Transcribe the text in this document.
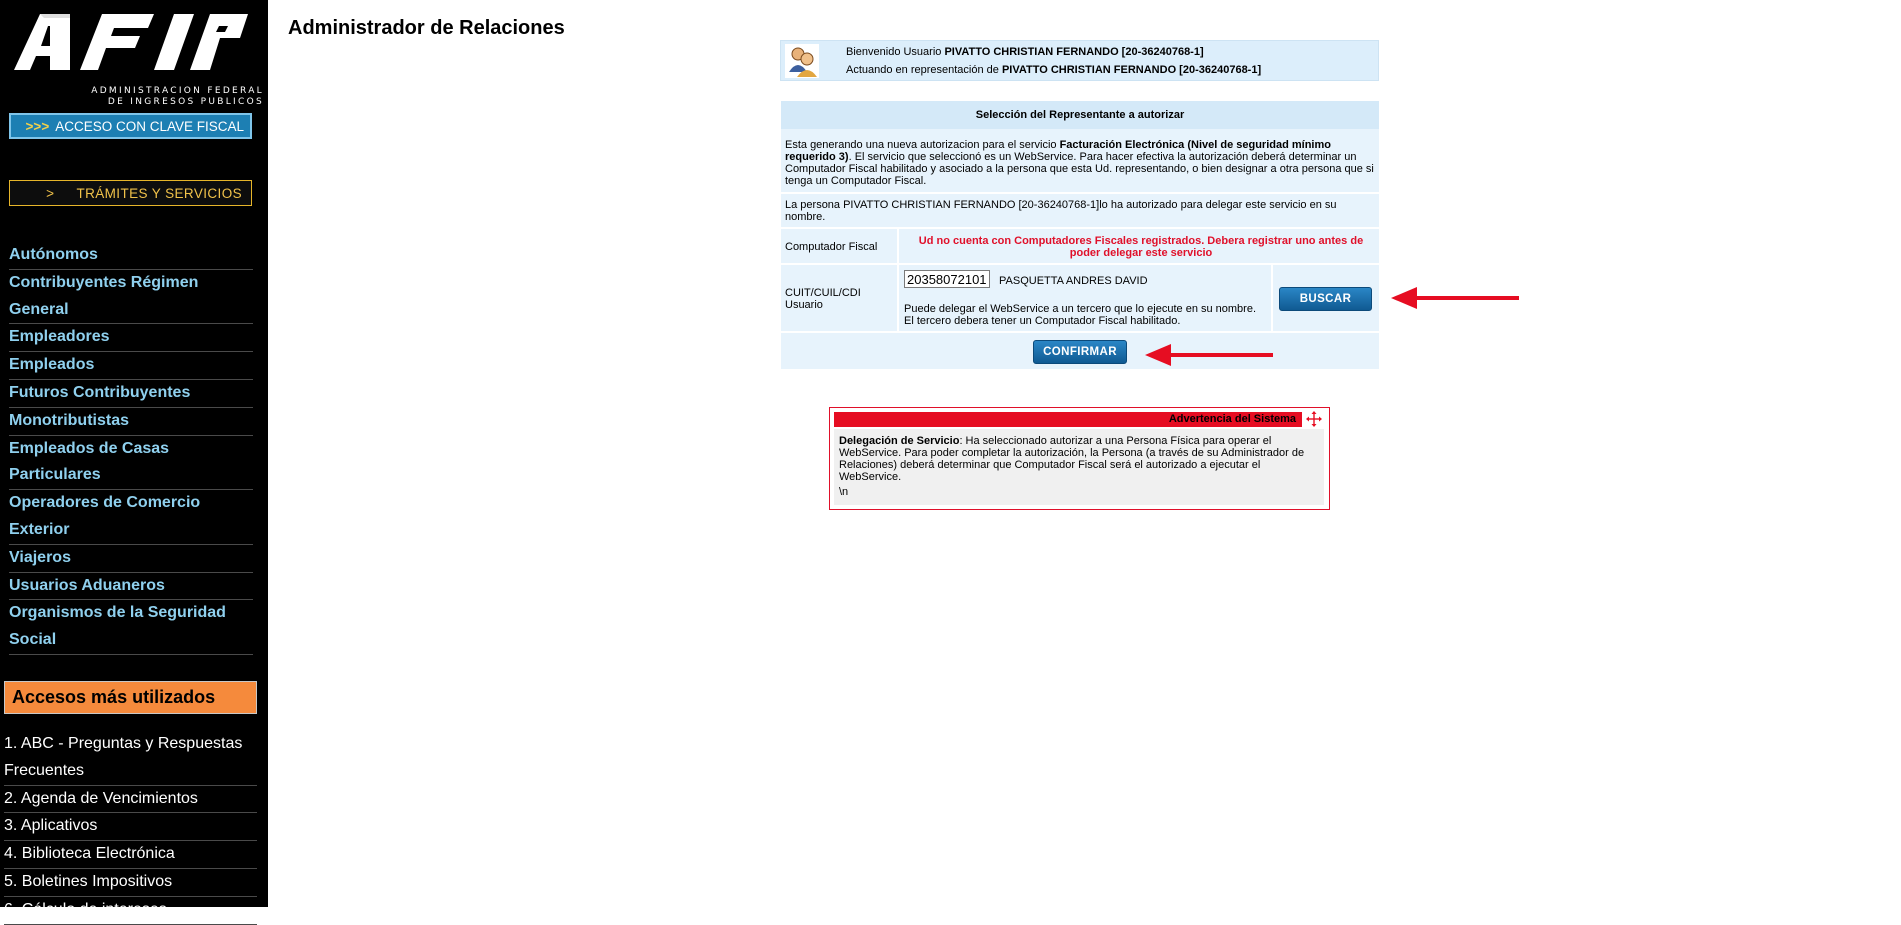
ADMINISTRACION FEDERAL
DE INGRESOS PUBLICOS
>>> ACCESO CON CLAVE FISCAL
> TRÁMITES Y SERVICIOS
Autónomos
Contribuyentes Régimen General
Empleadores
Empleados
Futuros Contribuyentes
Monotributistas
Empleados de Casas Particulares
Operadores de Comercio Exterior
Viajeros
Usuarios Aduaneros
Organismos de la Seguridad Social
Accesos más utilizados
1. ABC - Preguntas y Respuestas Frecuentes
2. Agenda de Vencimientos
3. Aplicativos
4. Biblioteca Electrónica
5. Boletines Impositivos
6. Cálculo de intereses
Administrador de Relaciones
Bienvenido Usuario PIVATTO CHRISTIAN FERNANDO [20-36240768-1]
Actuando en representación de PIVATTO CHRISTIAN FERNANDO [20-36240768-1]
Selección del Representante a autorizar
Esta generando una nueva autorizacion para el servicio Facturación Electrónica (Nivel de seguridad mínimo requerido 3). El servicio que seleccionó es un WebService. Para hacer efectiva la autorización deberá determinar un Computador Fiscal habilitado y asociado a la persona que esta Ud. representando, o bien designar a otra persona que si tenga un Computador Fiscal.
La persona PIVATTO CHRISTIAN FERNANDO [20-36240768-1]lo ha autorizado para delegar este servicio en su nombre.
Computador Fiscal	Ud no cuenta con Computadores Fiscales registrados. Debera registrar uno antes de poder delegar este servicio
CUIT/CUIL/CDI Usuario
20358072101
PASQUETTA ANDRES DAVID
Puede delegar el WebService a un tercero que lo ejecute en su nombre. El tercero debera tener un Computador Fiscal habilitado.
BUSCAR
CONFIRMAR
Advertencia del Sistema

Delegación de Servicio: Ha seleccionado autorizar a una Persona Física para operar el WebService. Para poder completar la autorización, la Persona (a través de su Administrador de Relaciones) deberá determinar que Computador Fiscal será el autorizado a ejecutar el WebService.

\n
